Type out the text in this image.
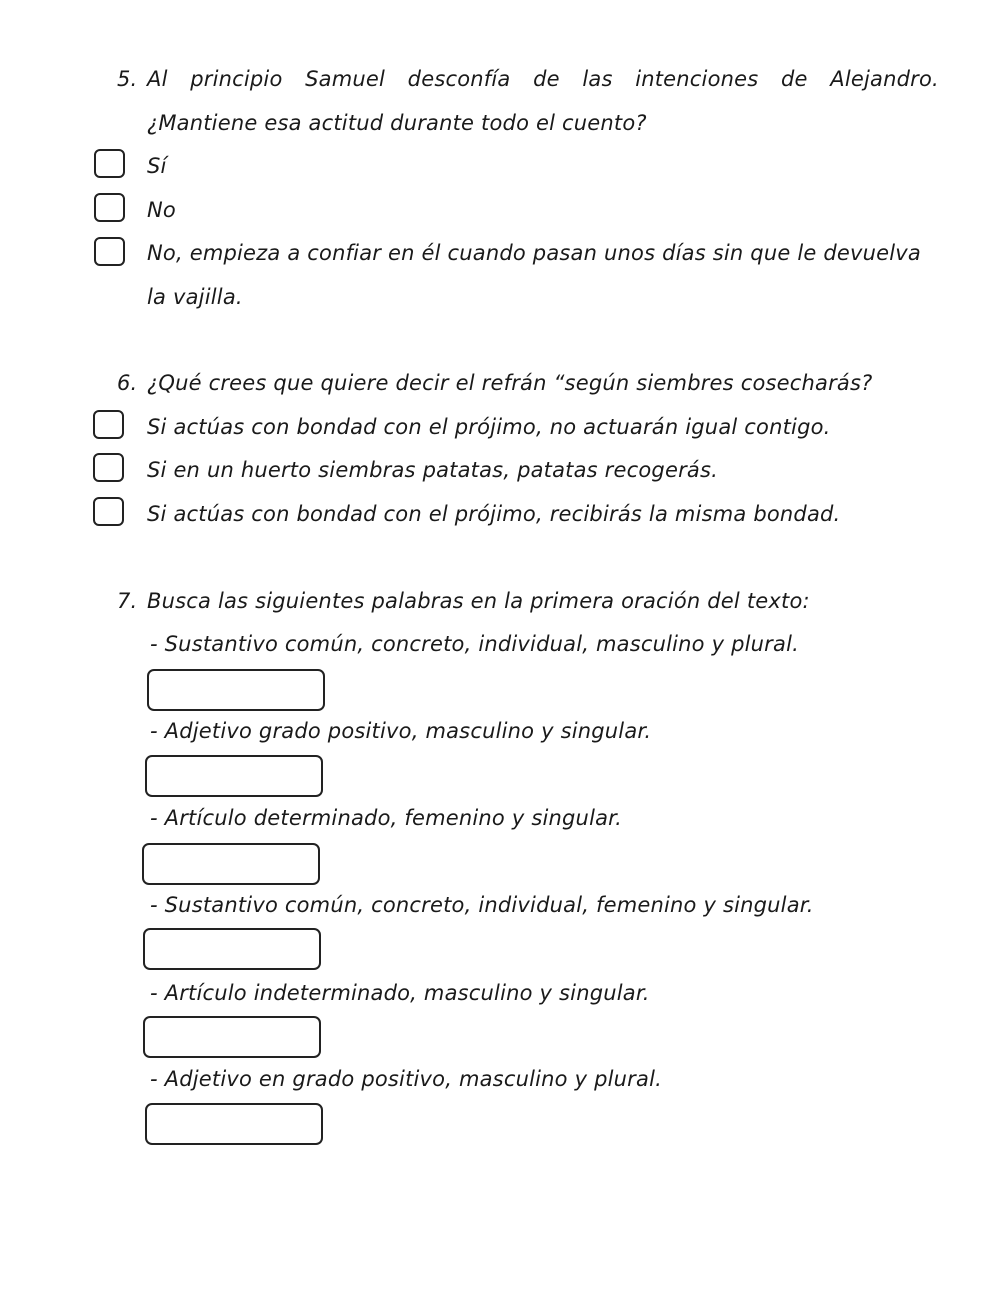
5. Al principio Samuel desconfía de las intenciones de Alejandro.
¿Mantiene esa actitud durante todo el cuento?
Sí
No
No, empieza a confiar en él cuando pasan unos días sin que le devuelva
la vajilla.
6. ¿Qué crees que quiere decir el refrán “según siembres cosecharás?
Si actúas con bondad con el prójimo, no actuarán igual contigo.
Si en un huerto siembras patatas, patatas recogerás.
Si actúas con bondad con el prójimo, recibirás la misma bondad.
7. Busca las siguientes palabras en la primera oración del texto:
- Sustantivo común, concreto, individual, masculino y plural.
- Adjetivo grado positivo, masculino y singular.
- Artículo determinado, femenino y singular.
- Sustantivo común, concreto, individual, femenino y singular.
- Artículo indeterminado, masculino y singular.
- Adjetivo en grado positivo, masculino y plural.
